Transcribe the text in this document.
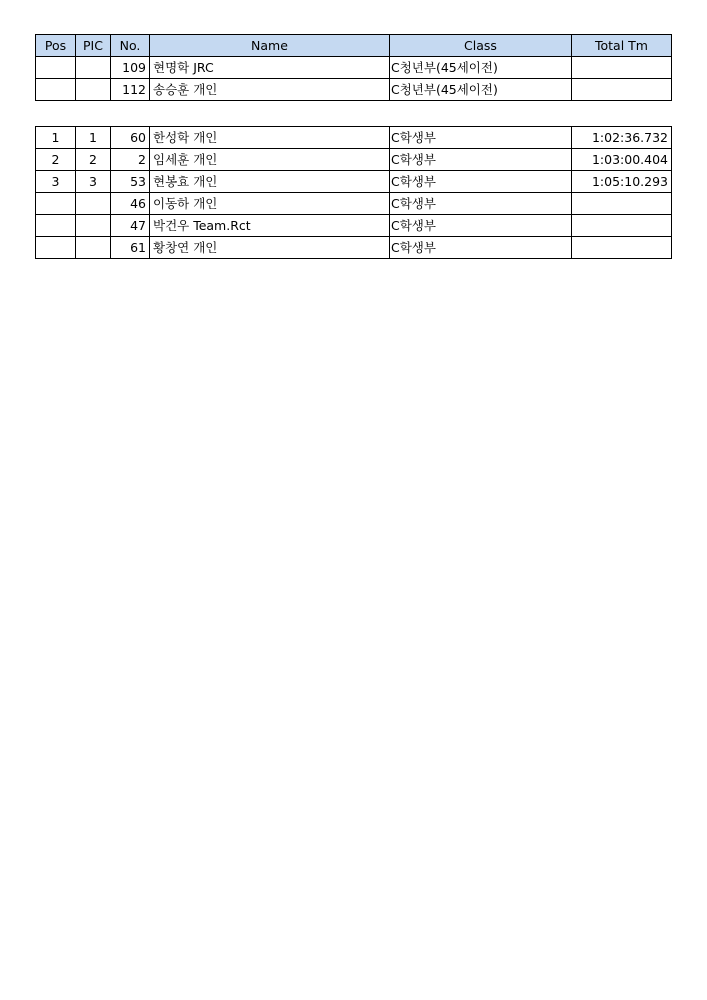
Pos	PIC	No.	Name	Class	Total Tm
		109	현명학 JRC	C청년부(45세이전)	
		112	송승훈 개인	C청년부(45세이전)	
1	1	60	한성학 개인	C학생부	1:02:36.732
2	2	2	임세훈 개인	C학생부	1:03:00.404
3	3	53	현봉효 개인	C학생부	1:05:10.293
		46	이동하 개인	C학생부	
		47	박건우 Team.Rct	C학생부	
		61	황창연 개인	C학생부	
